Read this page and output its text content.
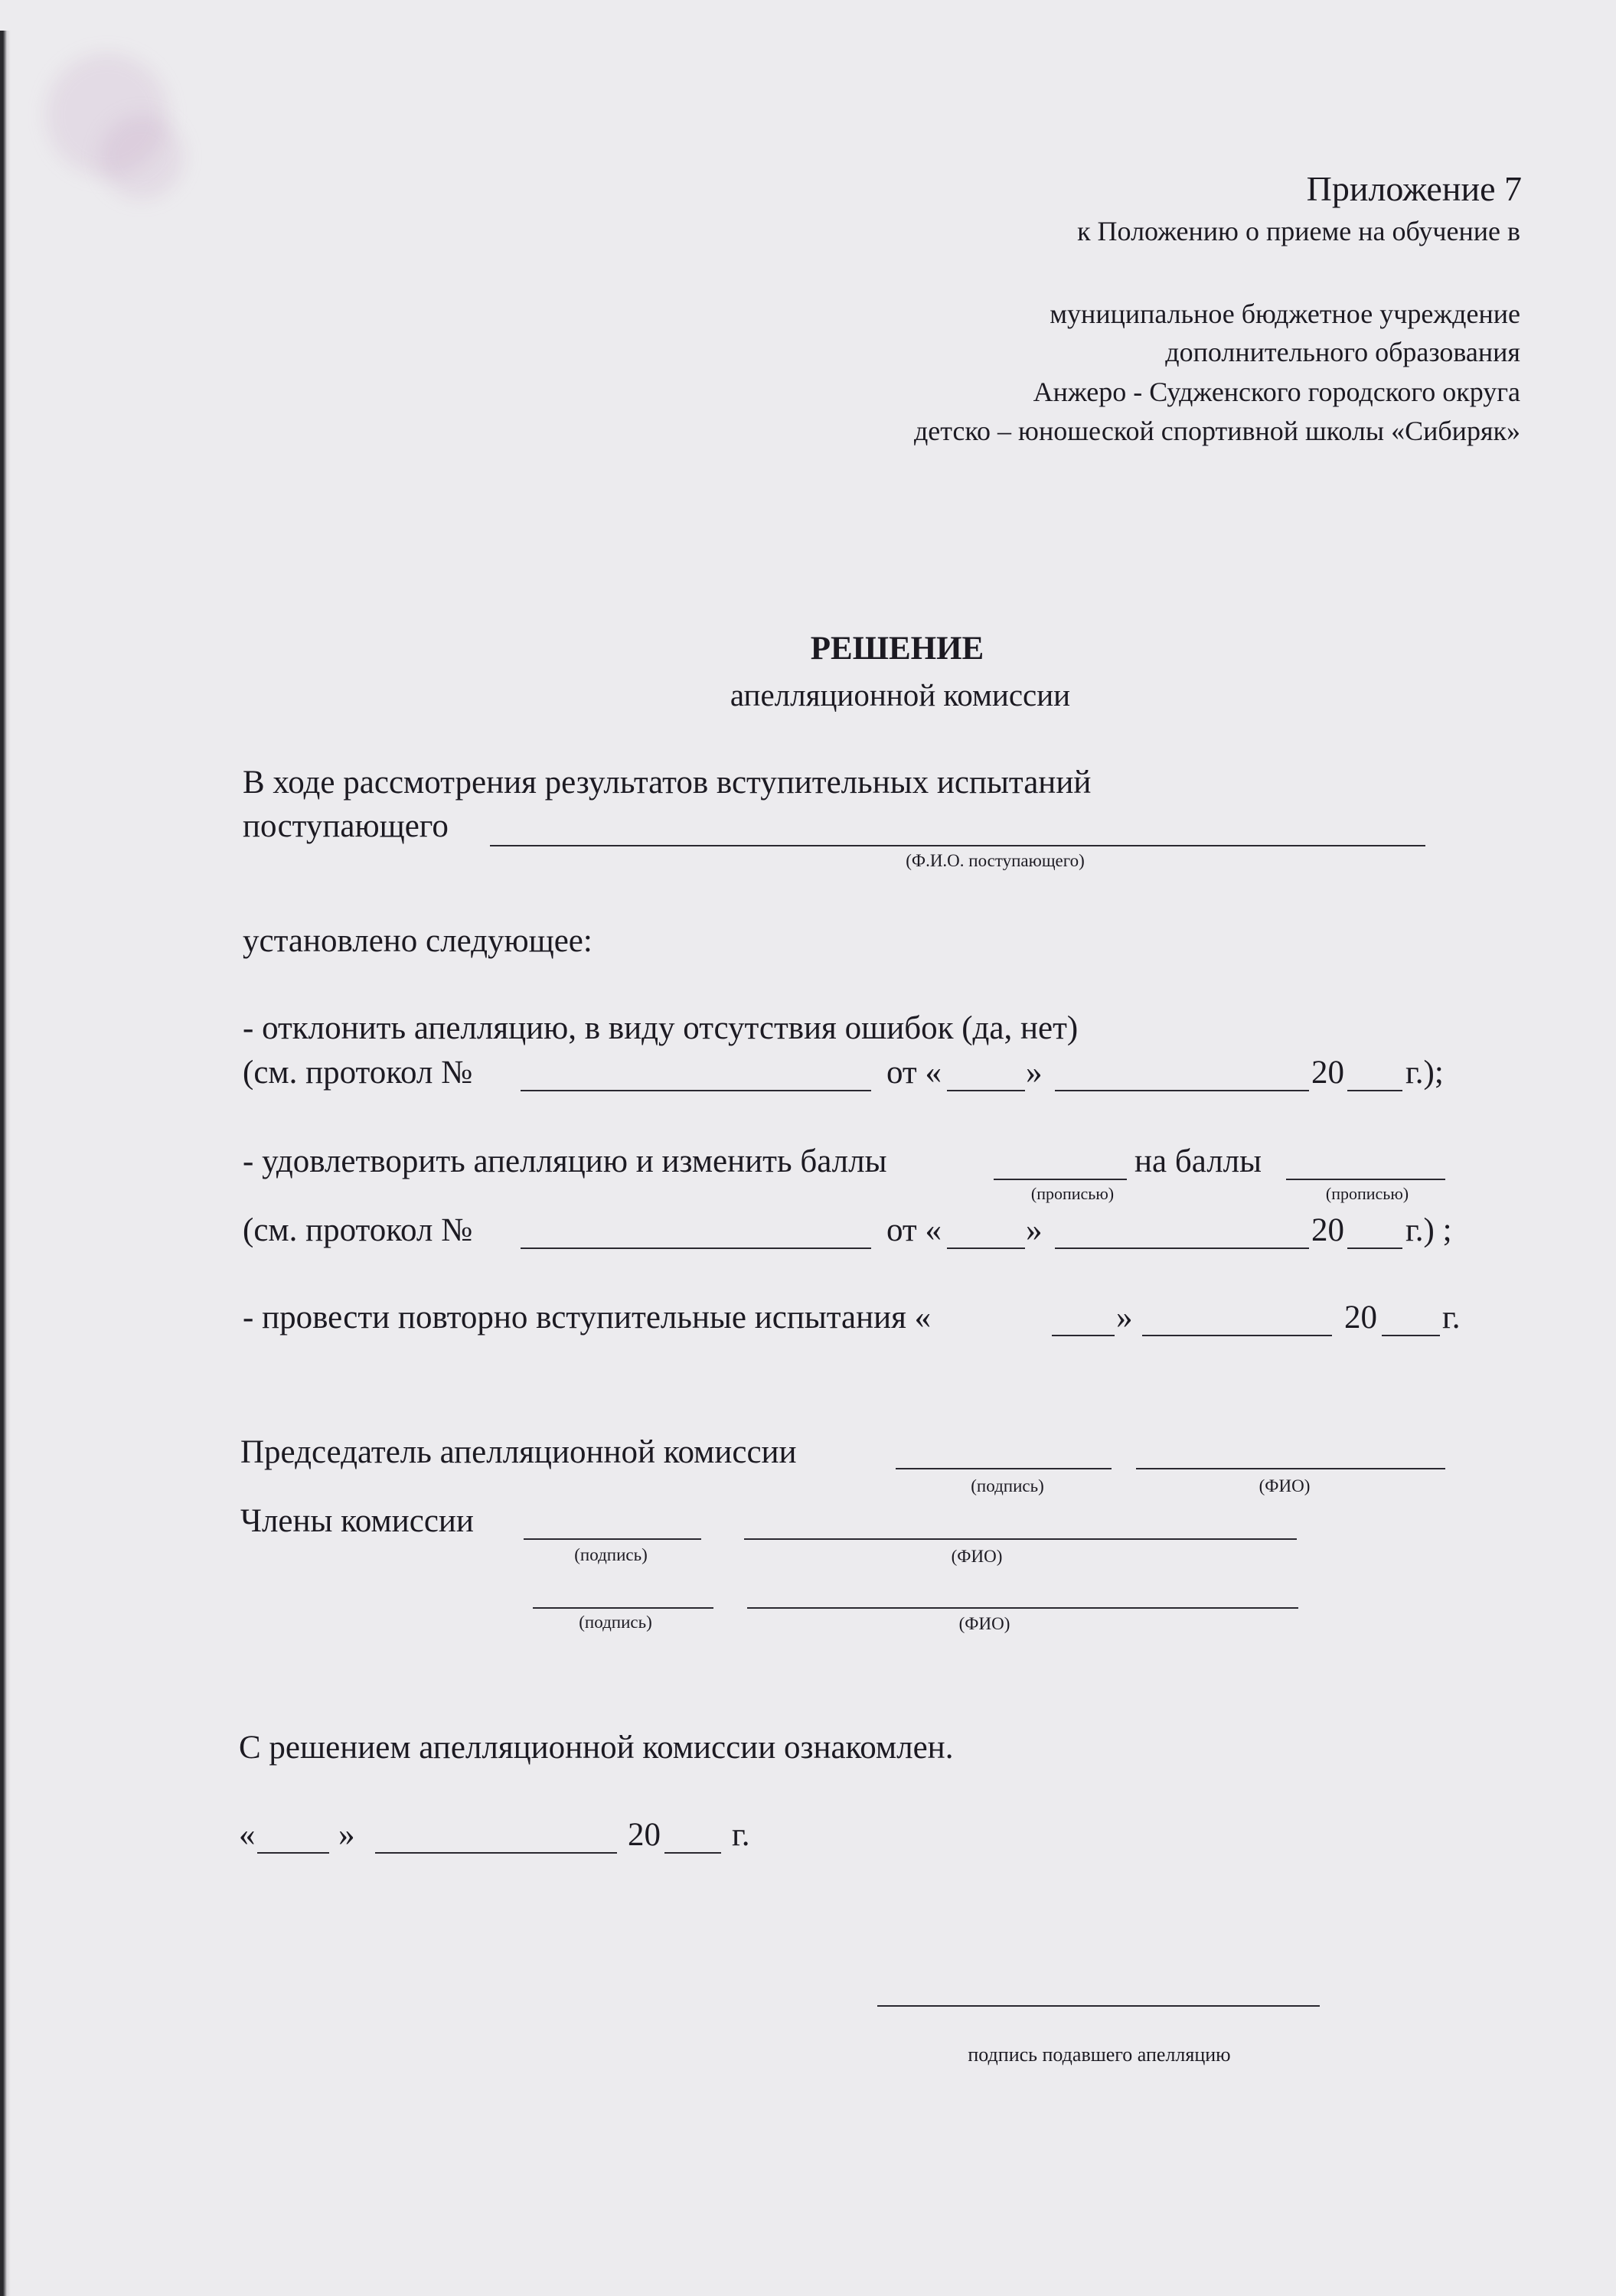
Приложение 7
к Положению о приеме на обучение в
муниципальное бюджетное учреждение
дополнительного образования
Анжеро - Судженского городского округа
детско – юношеской спортивной школы «Сибиряк»
РЕШЕНИЕ
апелляционной комиссии
В ходе рассмотрения результатов вступительных испытаний
поступающего
(Ф.И.О. поступающего)
установлено следующее:
- отклонить апелляцию, в виду отсутствия ошибок (да, нет)
(см. протокол №	от «	»	20 г.);
- удовлетворить апелляцию и изменить баллы	на баллы
(прописью)	(прописью)
(см. протокол №	от «	»	20 г.) ;
- провести повторно вступительные испытания «	»	20 г.
Председатель апелляционной комиссии
(подпись)	(ФИО)
Члены комиссии
(подпись)	(ФИО)
(подпись)	(ФИО)
С решением апелляционной комиссии ознакомлен.
«	»	20 г.
подпись подавшего апелляцию
